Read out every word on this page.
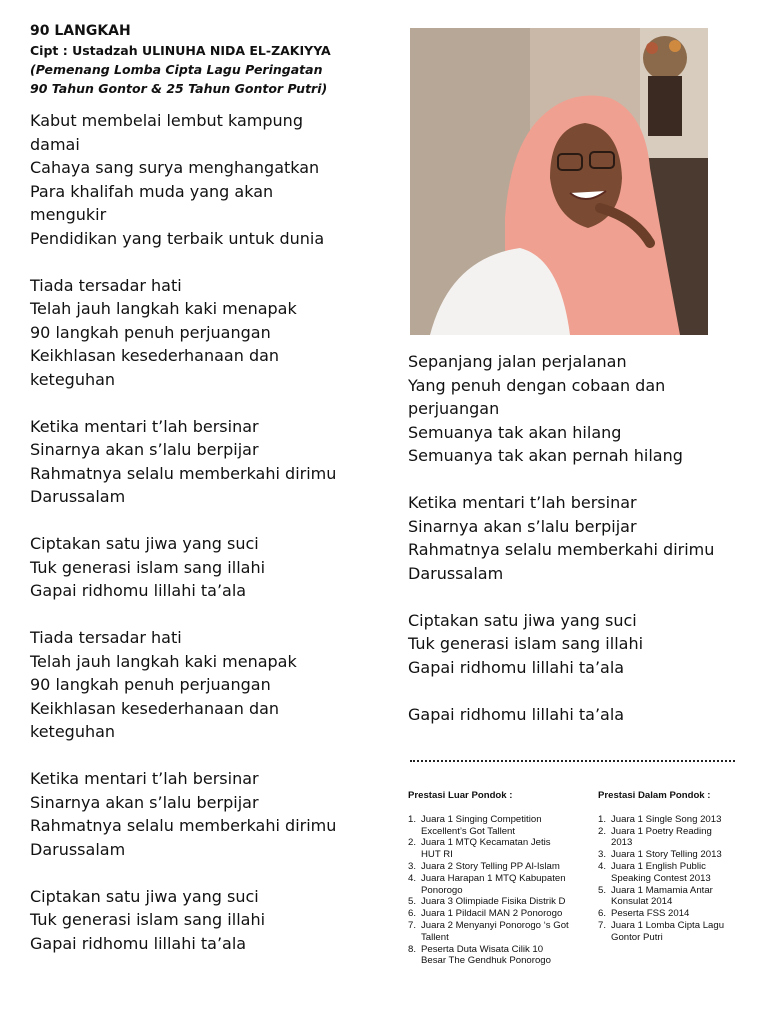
90 LANGKAH

Cipt : Ustadzah ULINUHA NIDA EL-ZAKIYYA

(Pemenang Lomba Cipta Lagu Peringatan

90 Tahun Gontor & 25 Tahun Gontor Putri)

Kabut membelai lembut kampung
damai
Cahaya sang surya menghangatkan
Para khalifah muda yang akan
mengukir
Pendidikan yang terbaik untuk dunia
Tiada tersadar hati
Telah jauh langkah kaki menapak
90 langkah penuh perjuangan
Keikhlasan kesederhanaan dan
keteguhan
Ketika mentari t’lah bersinar
Sinarnya akan s’lalu berpijar
Rahmatnya selalu memberkahi dirimu
Darussalam
Ciptakan satu jiwa yang suci
Tuk generasi islam sang illahi
Gapai ridhomu lillahi ta’ala
Tiada tersadar hati
Telah jauh langkah kaki menapak
90 langkah penuh perjuangan
Keikhlasan kesederhanaan dan
keteguhan
Ketika mentari t’lah bersinar
Sinarnya akan s’lalu berpijar
Rahmatnya selalu memberkahi dirimu
Darussalam
Ciptakan satu jiwa yang suci
Tuk generasi islam sang illahi
Gapai ridhomu lillahi ta’ala
Sepanjang jalan perjalanan
Yang penuh dengan cobaan dan
perjuangan
Semuanya tak akan hilang
Semuanya tak akan pernah hilang
Ketika mentari t’lah bersinar
Sinarnya akan s’lalu berpijar
Rahmatnya selalu memberkahi dirimu
Darussalam
Ciptakan satu jiwa yang suci
Tuk generasi islam sang illahi
Gapai ridhomu lillahi ta’ala
Gapai ridhomu lillahi ta’ala
Prestasi Luar Pondok :
1. Juara 1 Singing Competition
Excellent’s Got Tallent
2. Juara 1 MTQ Kecamatan Jetis
HUT RI
3. Juara 2 Story Telling PP Al-Islam
4. Juara Harapan 1 MTQ Kabupaten
Ponorogo
5. Juara 3 Olimpiade Fisika Distrik D
6. Juara 1 Pildacil MAN 2 Ponorogo
7. Juara 2 Menyanyi Ponorogo ‘s Got
Tallent
8. Peserta Duta Wisata Cilik 10
Besar The Gendhuk Ponorogo
Prestasi Dalam Pondok :
1. Juara 1 Single Song 2013
2. Juara 1 Poetry Reading
2013
3. Juara 1 Story Telling 2013
4. Juara 1 English Public
Speaking Contest 2013
5. Juara 1 Mamamia Antar
Konsulat 2014
6. Peserta FSS 2014
7. Juara 1 Lomba Cipta Lagu
Gontor Putri
